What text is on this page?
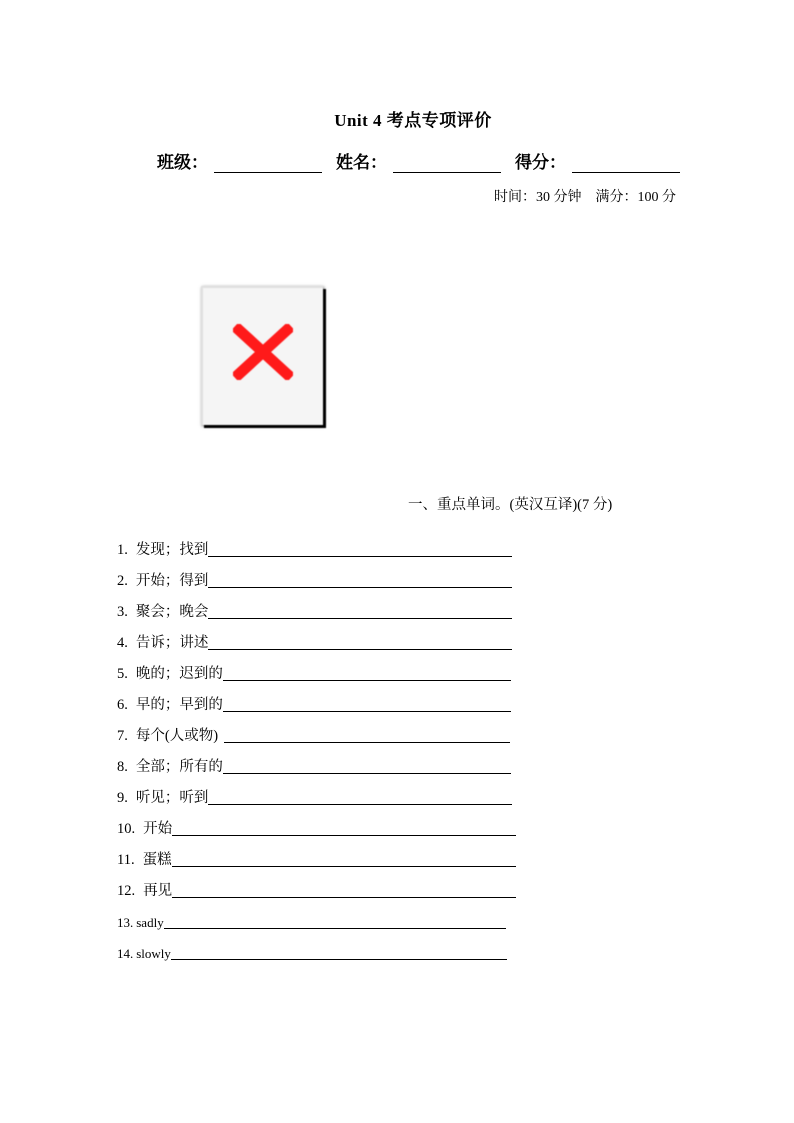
Unit 4 考点专项评价
班级：	姓名：	得分：
时间：30 分钟    满分：100 分
一、重点单词。(英汉互译)(7 分)
1. 发现；找到
2. 开始；得到
3. 聚会；晚会
4. 告诉；讲述
5. 晚的；迟到的
6. 早的；早到的
7. 每个(人或物)
8. 全部；所有的
9. 听见；听到
10. 开始
11. 蛋糕
12. 再见
13. sadly
14. slowly
